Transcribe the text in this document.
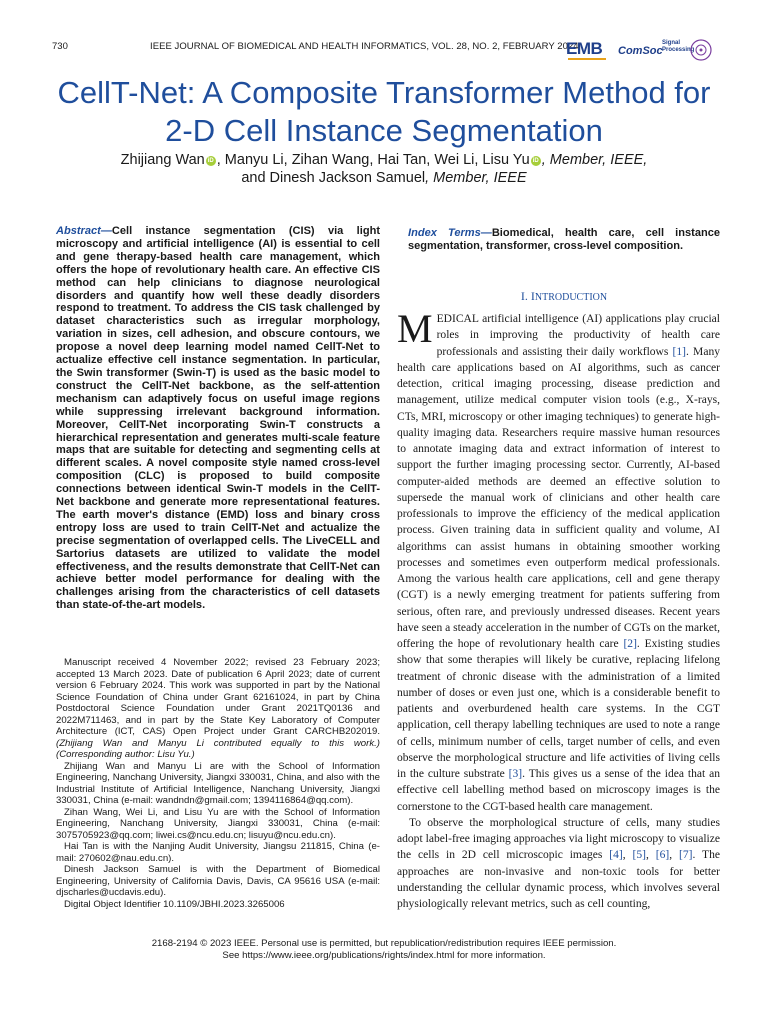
730	IEEE JOURNAL OF BIOMEDICAL AND HEALTH INFORMATICS, VOL. 28, NO. 2, FEBRUARY 2024
EMB ComSoc
Signal Processing
CellT-Net: A Composite Transformer Method for
2-D Cell Instance Segmentation
Zhijiang Wan iD , Manyu Li, Zihan Wang, Hai Tan, Wei Li, Lisu Yu iD , Member, IEEE,
and Dinesh Jackson Samuel, Member, IEEE
Abstract—Cell instance segmentation (CIS) via light microscopy and artificial intelligence (AI) is essential to cell and gene therapy-based health care management, which offers the hope of revolutionary health care. An effective CIS method can help clinicians to diagnose neurological disorders and quantify how well these deadly disorders respond to treatment. To address the CIS task challenged by dataset characteristics such as irregular morphology, variation in sizes, cell adhesion, and obscure contours, we propose a novel deep learning model named CellT-Net to actualize effective cell instance segmentation. In particular, the Swin transformer (Swin-T) is used as the basic model to construct the CellT-Net backbone, as the self-attention mechanism can adaptively focus on useful image regions while suppressing irrelevant background information. Moreover, CellT-Net incorporating Swin-T constructs a hierarchical representation and generates multi-scale feature maps that are suitable for detecting and segmenting cells at different scales. A novel composite style named cross-level composition (CLC) is proposed to build composite connections between identical Swin-T models in the CellT-Net backbone and generate more representational features. The earth mover's distance (EMD) loss and binary cross entropy loss are used to train CellT-Net and actualize the precise segmentation of overlapped cells. The LiveCELL and Sartorius datasets are utilized to validate the model effectiveness, and the results demonstrate that CellT-Net can achieve better model performance for dealing with the challenges arising from the characteristics of cell datasets than state-of-the-art models.

Manuscript received 4 November 2022; revised 23 February 2023; accepted 13 March 2023. Date of publication 6 April 2023; date of current version 6 February 2024. This work was supported in part by the National Science Foundation of China under Grant 62161024, in part by China Postdoctoral Science Foundation under Grant 2021TQ0136 and 2022M711463, and in part by the State Key Laboratory of Computer Architecture (ICT, CAS) Open Project under Grant CARCHB202019. (Zhijiang Wan and Manyu Li contributed equally to this work.) (Corresponding author: Lisu Yu.)

Zhijiang Wan and Manyu Li are with the School of Information Engineering, Nanchang University, Jiangxi 330031, China, and also with the Industrial Institute of Artificial Intelligence, Nanchang University, Jiangxi 330031, China (e-mail: wandndn@gmail.com; 1394116864@qq.com).

Zihan Wang, Wei Li, and Lisu Yu are with the School of Information Engineering, Nanchang University, Jiangxi 330031, China (e-mail: 3075705923@qq.com; liwei.cs@ncu.edu.cn; lisuyu@ncu.edu.cn).

Hai Tan is with the Nanjing Audit University, Jiangsu 211815, China (e-mail: 270602@nau.edu.cn).

Dinesh Jackson Samuel is with the Department of Biomedical Engineering, University of California Davis, Davis, CA 95616 USA (e-mail: djscharles@ucdavis.edu).

Digital Object Identifier 10.1109/JBHI.2023.3265006

Index Terms—Biomedical, health care, cell instance segmentation, transformer, cross-level composition.
I. INTRODUCTION

MEDICAL artificial intelligence (AI) applications play crucial roles in improving the productivity of health care professionals and assisting their daily workflows [1]. Many health care applications based on AI algorithms, such as cancer detection, critical imaging processing, disease prediction and management, utilize medical computer vision tools (e.g., X-rays, CTs, MRI, microscopy or other imaging techniques) to generate high-quality imaging data. Researchers require massive human resources to annotate imaging data and extract information of interest to support the further imaging processing sector. Currently, AI-based computer-aided methods are deemed an effective solution to supersede the manual work of clinicians and other health care professionals to improve the efficiency of the medical application process. Given training data in sufficient quality and volume, AI algorithms can assist humans in obtaining smoother working processes and sometimes even outperform medical professionals. Among the various health care applications, cell and gene therapy (CGT) is a newly emerging treatment for patients suffering from serious, often rare, and previously undressed diseases. Recent years have seen a steady acceleration in the number of CGTs on the market, offering the hope of revolutionary health care [2]. Existing studies show that some therapies will likely be curative, replacing lifelong treatment of chronic disease with the administration of a limited number of doses or even just one, which is a considerable benefit to patients and overburdened health care systems. In the CGT application, cell therapy labelling techniques are used to note a range of cells, minimum number of cells, target number of cells, and even observe the morphological structure and life activities of living cells in the culture substrate [3]. This gives us a sense of the idea that an effective cell labelling method based on microscopy images is the cornerstone to the CGT-based health care management.

To observe the morphological structure of cells, many studies adopt label-free imaging approaches via light microscopy to visualize the cells in 2D cell microscopic images [4], [5], [6], [7]. The approaches are non-invasive and non-toxic tools for better understanding the cellular dynamic process, which involves several physiologically relevant metrics, such as cell counting,

2168-2194 © 2023 IEEE. Personal use is permitted, but republication/redistribution requires IEEE permission.
See https://www.ieee.org/publications/rights/index.html for more information.
